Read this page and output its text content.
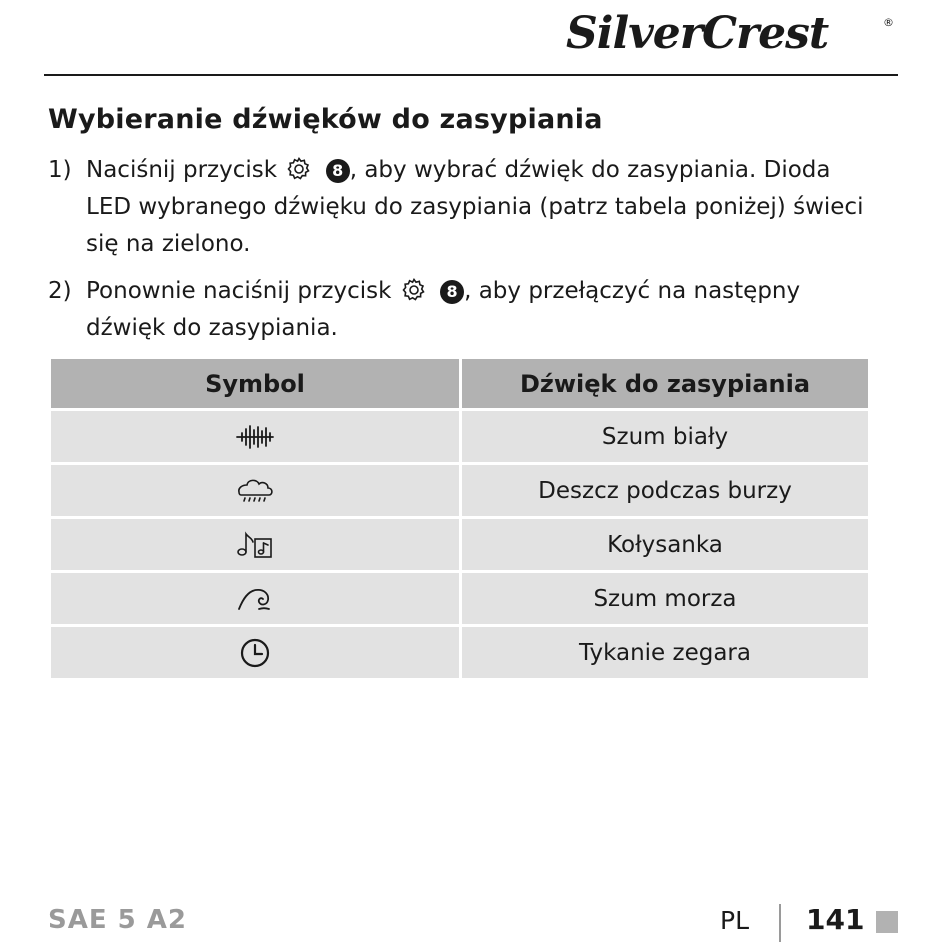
SilverCrest	®
Wybieranie dźwięków do zasypiania
1) Naciśnij przycisk	8 , aby wybrać dźwięk do zasypiania. Dioda LED wybranego dźwięku do zasypiania (patrz tabela poniżej) świeci się na zielono.
2) Ponownie naciśnij przycisk	8 , aby przełączyć na następny dźwięk do zasypiania.
Symbol	Dźwięk do zasypiania
	Szum biały
	Deszcz podczas burzy
	Kołysanka
	Szum morza
	Tykanie zegara
SAE 5 A2	PL 141
